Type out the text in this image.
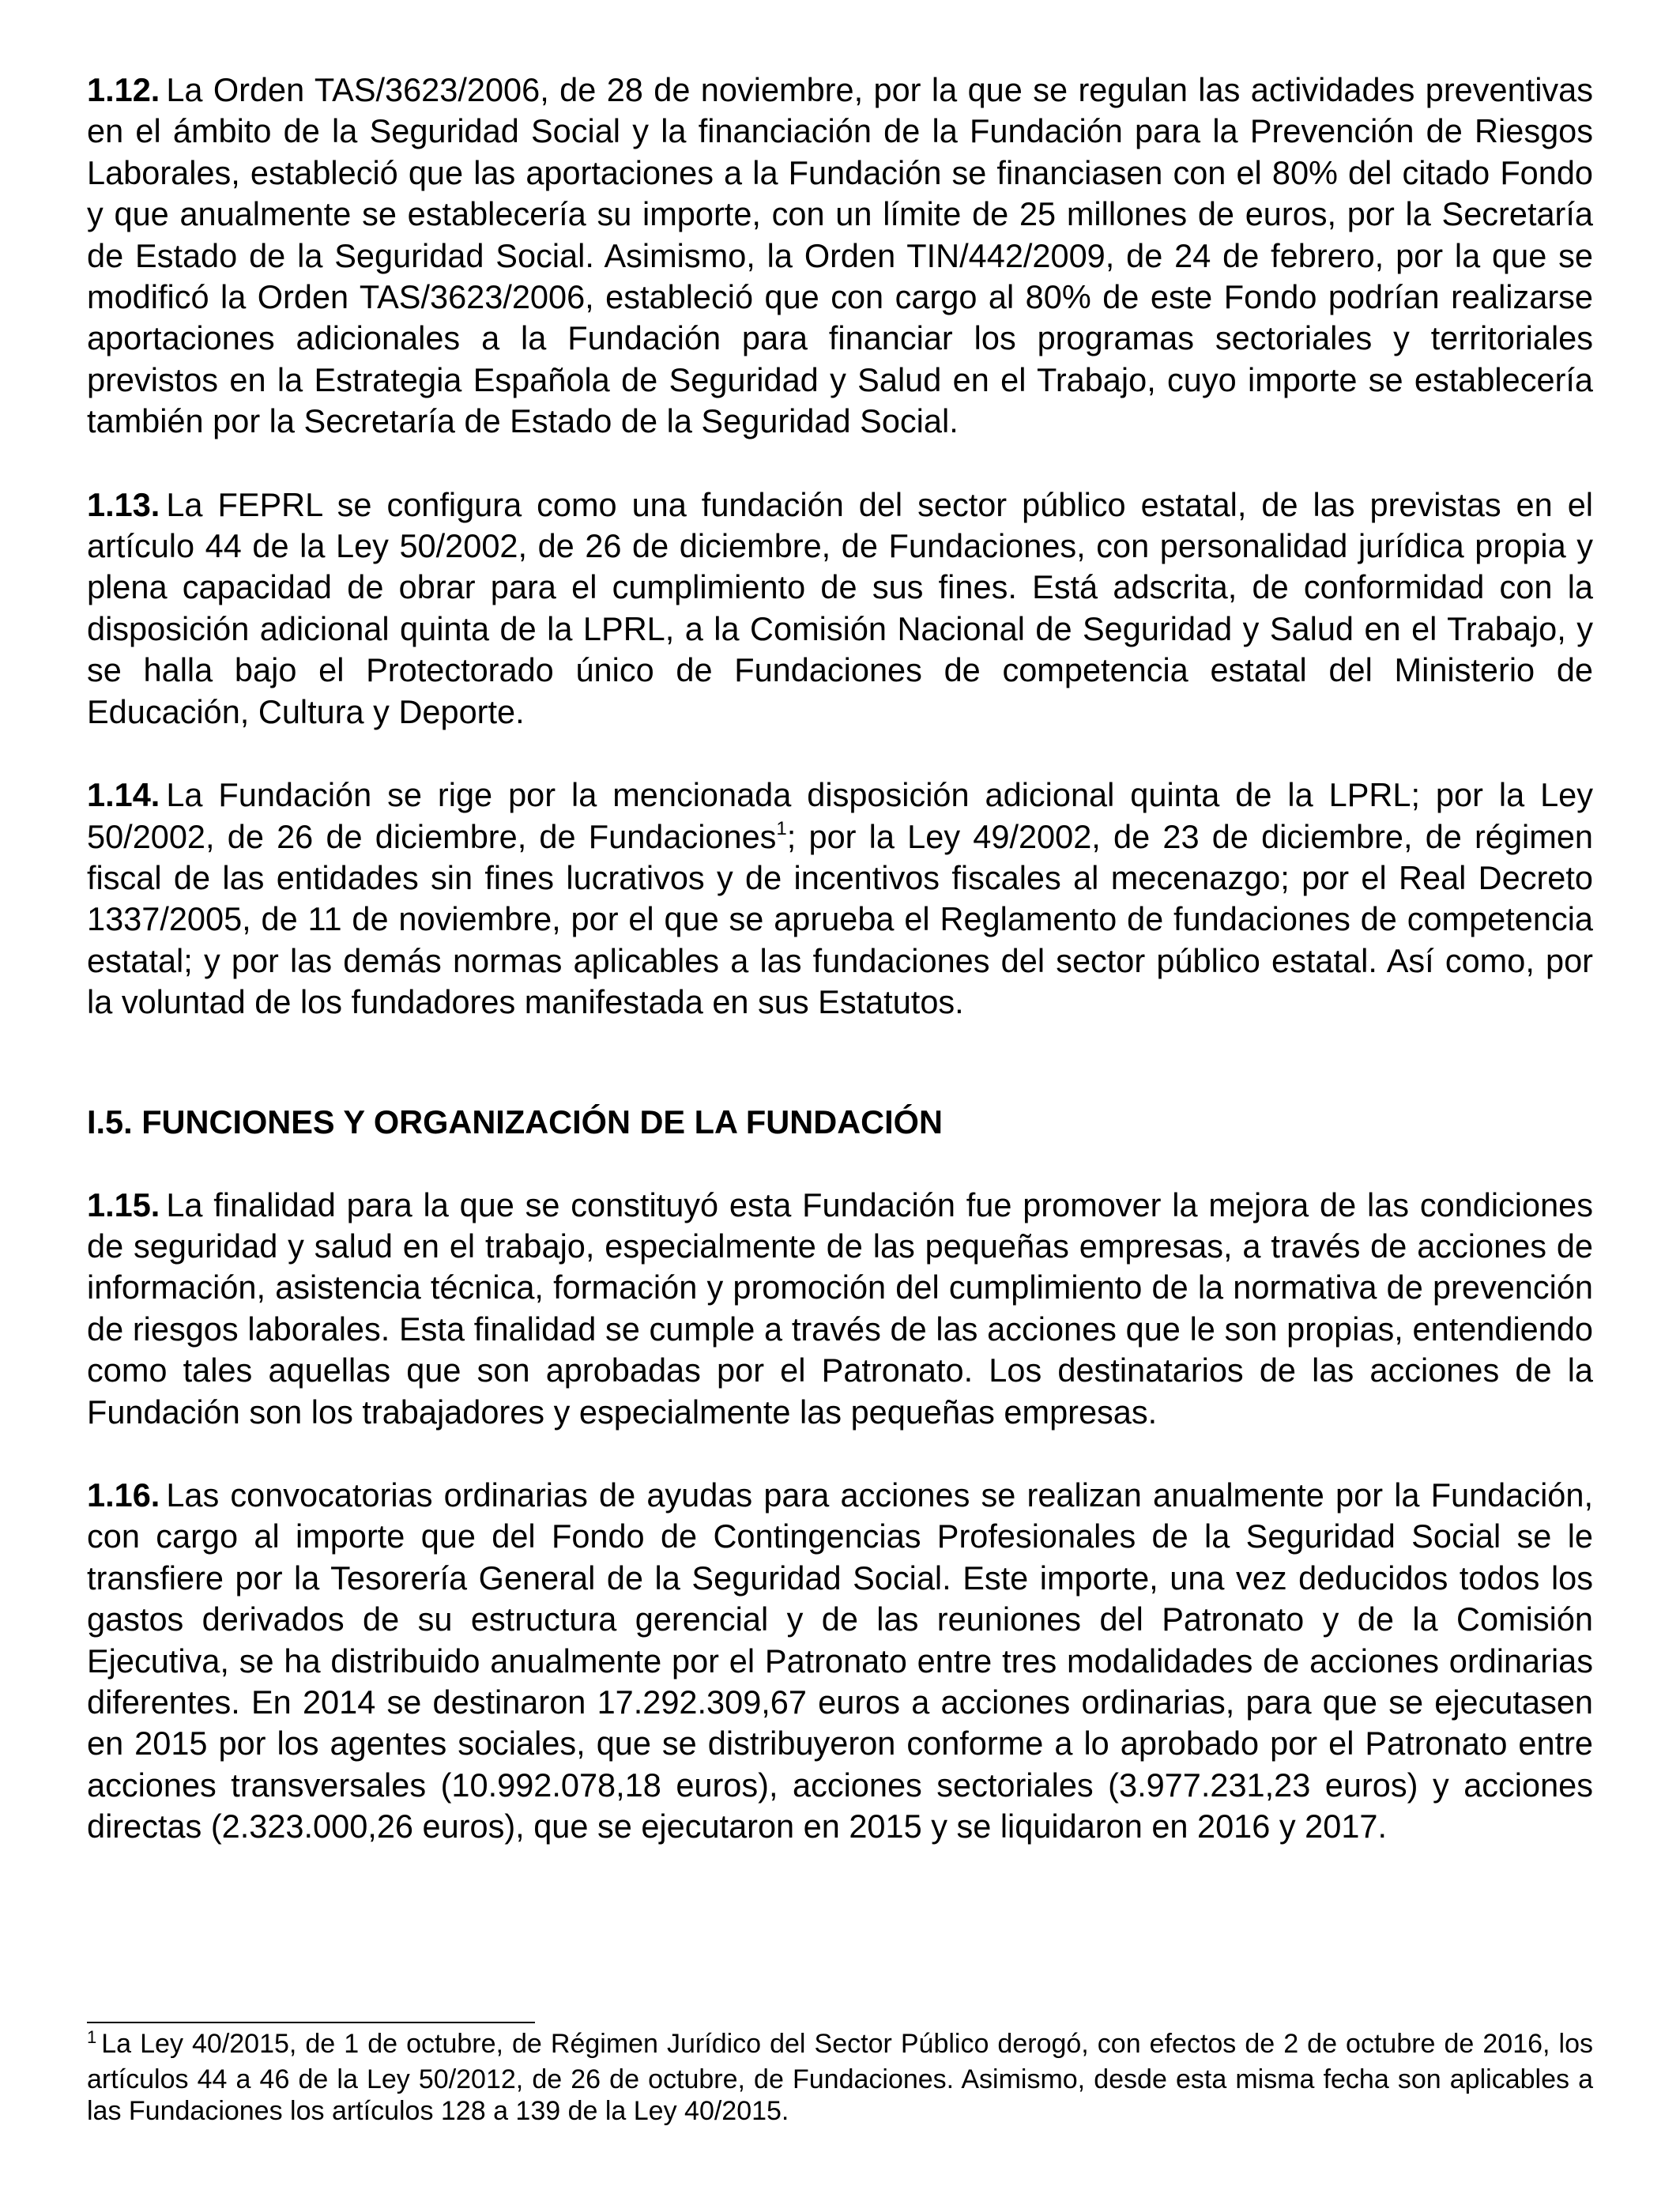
1.12. La Orden TAS/3623/2006, de 28 de noviembre, por la que se regulan las actividades preventivas en el ámbito de la Seguridad Social y la financiación de la Fundación para la Prevención de Riesgos Laborales, estableció que las aportaciones a la Fundación se financiasen con el 80% del citado Fondo y que anualmente se establecería su importe, con un límite de 25 millones de euros, por la Secretaría de Estado de la Seguridad Social. Asimismo, la Orden TIN/442/2009, de 24 de febrero, por la que se modificó la Orden TAS/3623/2006, estableció que con cargo al 80% de este Fondo podrían realizarse aportaciones adicionales a la Fundación para financiar los programas sectoriales y territoriales previstos en la Estrategia Española de Seguridad y Salud en el Trabajo, cuyo importe se establecería también por la Secretaría de Estado de la Seguridad Social.

1.13. La FEPRL se configura como una fundación del sector público estatal, de las previstas en el artículo 44 de la Ley 50/2002, de 26 de diciembre, de Fundaciones, con personalidad jurídica propia y plena capacidad de obrar para el cumplimiento de sus fines. Está adscrita, de conformidad con la disposición adicional quinta de la LPRL, a la Comisión Nacional de Seguridad y Salud en el Trabajo, y se halla bajo el Protectorado único de Fundaciones de competencia estatal del Ministerio de Educación, Cultura y Deporte.

1.14. La Fundación se rige por la mencionada disposición adicional quinta de la LPRL; por la Ley 50/2002, de 26 de diciembre, de Fundaciones$^1$; por la Ley 49/2002, de 23 de diciembre, de régimen fiscal de las entidades sin fines lucrativos y de incentivos fiscales al mecenazgo; por el Real Decreto 1337/2005, de 11 de noviembre, por el que se aprueba el Reglamento de fundaciones de competencia estatal; y por las demás normas aplicables a las fundaciones del sector público estatal. Así como, por la voluntad de los fundadores manifestada en sus Estatutos.

I.5. FUNCIONES Y ORGANIZACIÓN DE LA FUNDACIÓN

1.15. La finalidad para la que se constituyó esta Fundación fue promover la mejora de las condiciones de seguridad y salud en el trabajo, especialmente de las pequeñas empresas, a través de acciones de información, asistencia técnica, formación y promoción del cumplimiento de la normativa de prevención de riesgos laborales. Esta finalidad se cumple a través de las acciones que le son propias, entendiendo como tales aquellas que son aprobadas por el Patronato. Los destinatarios de las acciones de la Fundación son los trabajadores y especialmente las pequeñas empresas.

1.16. Las convocatorias ordinarias de ayudas para acciones se realizan anualmente por la Fundación, con cargo al importe que del Fondo de Contingencias Profesionales de la Seguridad Social se le transfiere por la Tesorería General de la Seguridad Social. Este importe, una vez deducidos todos los gastos derivados de su estructura gerencial y de las reuniones del Patronato y de la Comisión Ejecutiva, se ha distribuido anualmente por el Patronato entre tres modalidades de acciones ordinarias diferentes. En 2014 se destinaron 17.292.309,67 euros a acciones ordinarias, para que se ejecutasen en 2015 por los agentes sociales, que se distribuyeron conforme a lo aprobado por el Patronato entre acciones transversales (10.992.078,18 euros), acciones sectoriales (3.977.231,23 euros) y acciones directas (2.323.000,26 euros), que se ejecutaron en 2015 y se liquidaron en 2016 y 2017.

$^1$ La Ley 40/2015, de 1 de octubre, de Régimen Jurídico del Sector Público derogó, con efectos de 2 de octubre de 2016, los artículos 44 a 46 de la Ley 50/2012, de 26 de octubre, de Fundaciones. Asimismo, desde esta misma fecha son aplicables a las Fundaciones los artículos 128 a 139 de la Ley 40/2015.
